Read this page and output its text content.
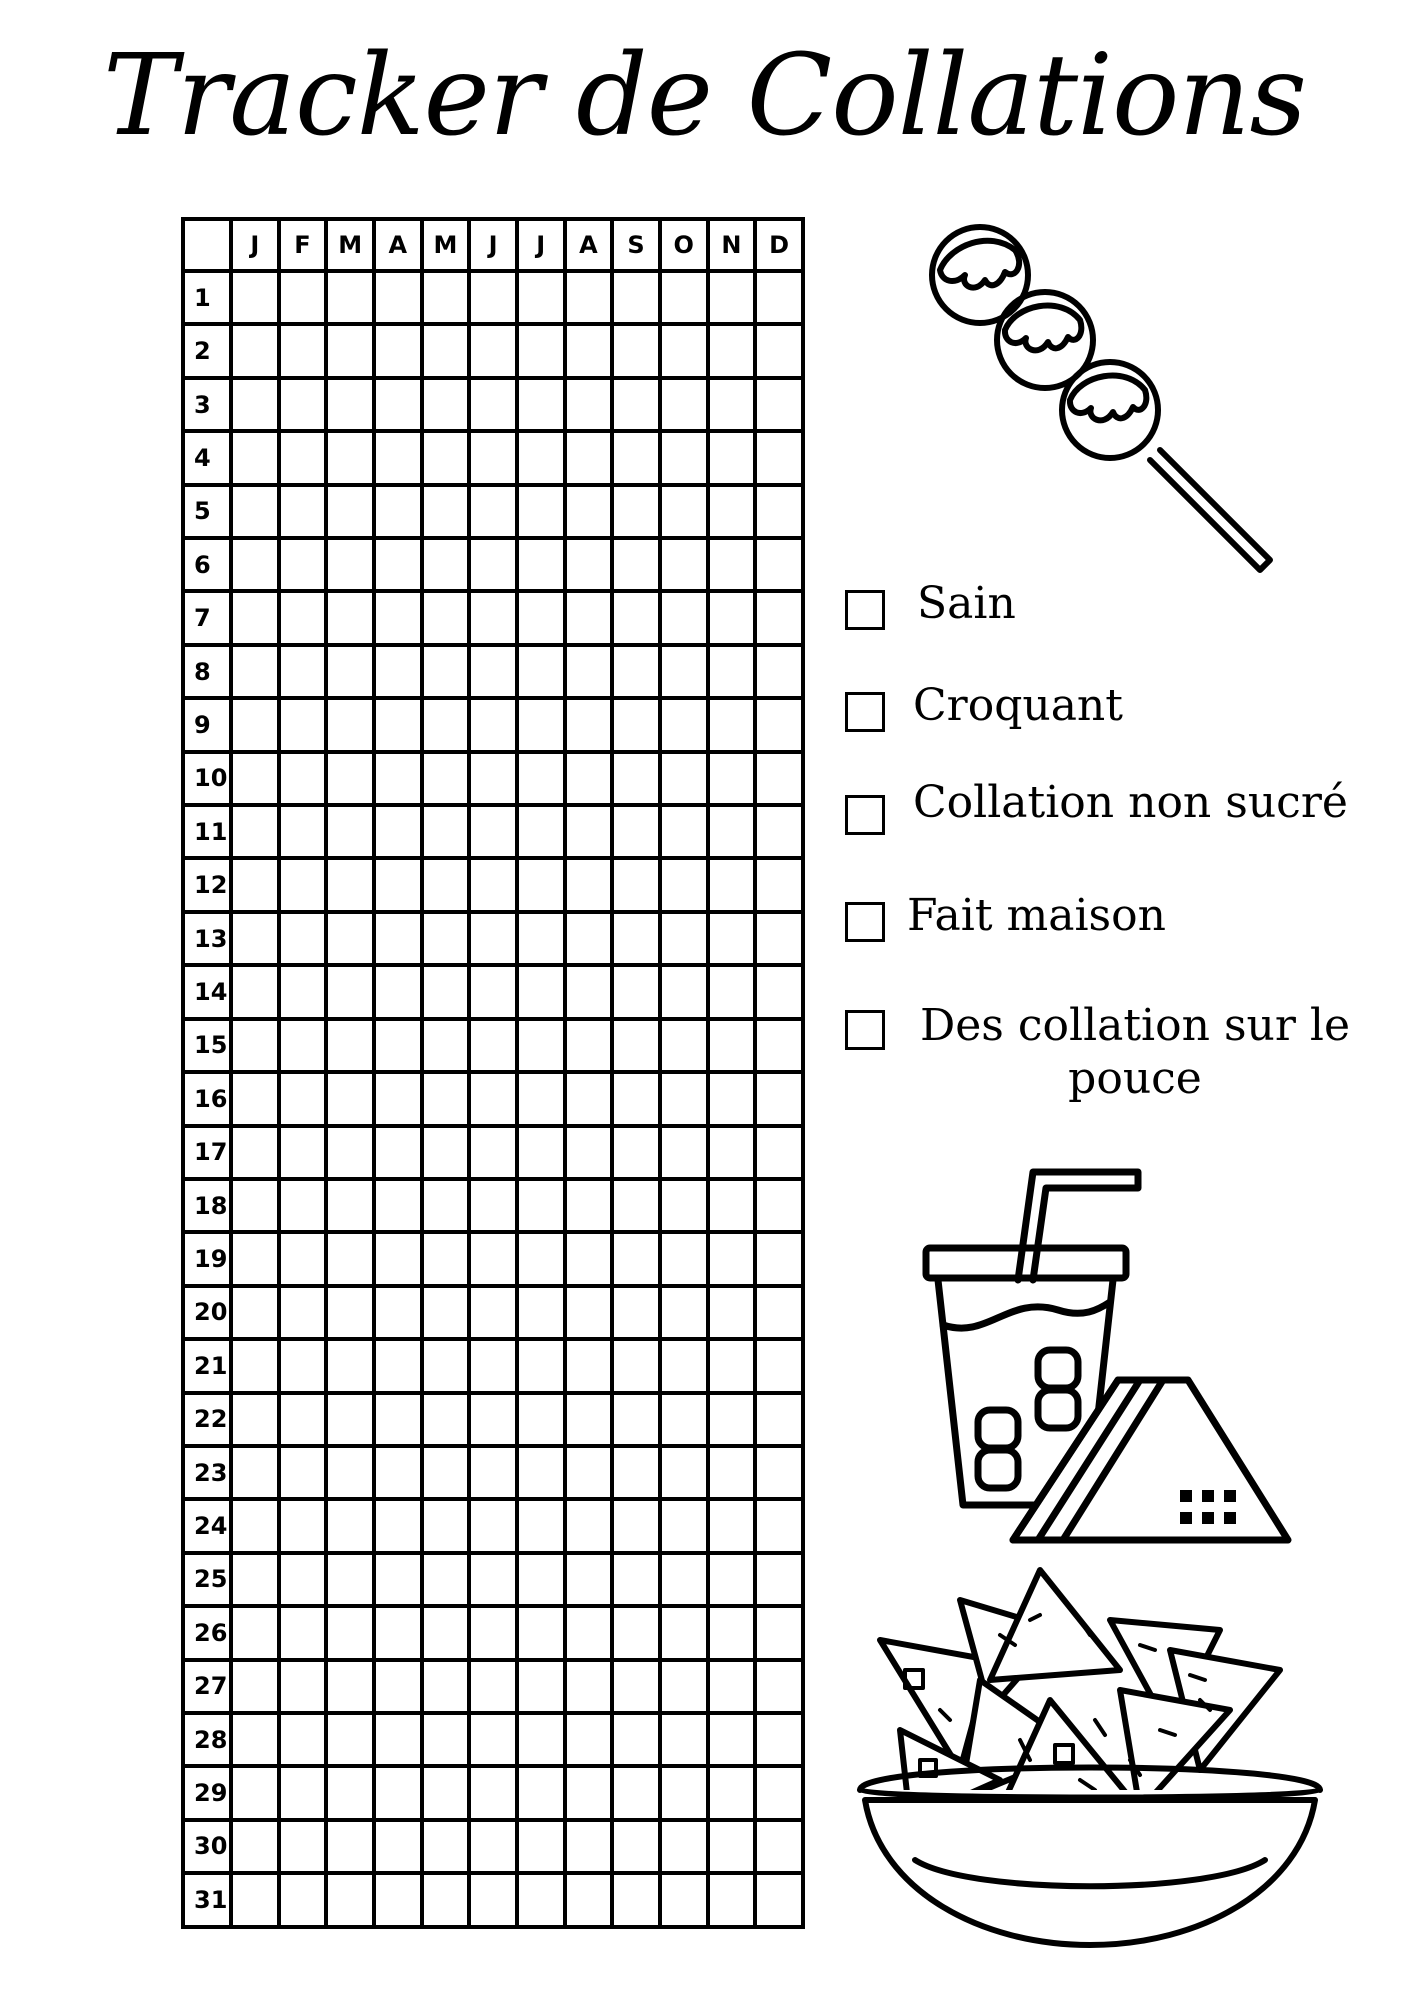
Tracker de Collations
	J	F	M	A	M	J	J	A	S	O	N	D
1												
2												
3												
4												
5												
6												
7												
8												
9												
10												
11												
12												
13												
14												
15												
16												
17												
18												
19												
20												
21												
22												
23												
24												
25												
26												
27												
28												
29												
30												
31												
Sain
Croquant
Collation non sucré
Fait maison
Des collation sur le pouce
